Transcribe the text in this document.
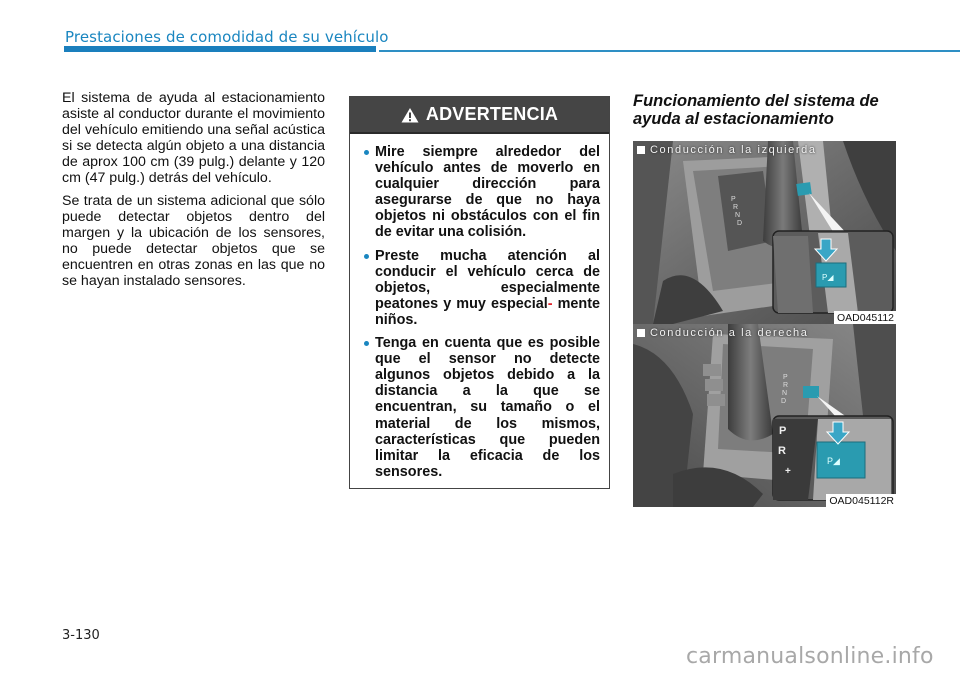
Prestaciones de comodidad de su vehículo

El sistema de ayuda al estacionamiento asiste al conductor durante el movimiento del vehículo emitiendo una señal acústica si se detecta algún objeto a una distancia de aprox 100 cm (39 pulg.) delante y 120 cm (47 pulg.) detrás del vehículo.

Se trata de un sistema adicional que sólo puede detectar objetos dentro del margen y la ubicación de los sensores, no puede detectar objetos que se encuentren en otras zonas en las que no se hayan instalado sensores.

ADVERTENCIA
Mire siempre alrededor del vehículo antes de moverlo en cualquier dirección para asegurarse de que no haya objetos ni obstáculos con el fin de evitar una colisión.
Preste mucha atención al conducir el vehículo cerca de objetos, especialmente peatones y muy especial- mente niños.
Tenga en cuenta que es posible que el sensor no detecte algunos objetos debido a la distancia a la que se encuentran, su tamaño o el material de los mismos, características que pueden limitar la eficacia de los sensores.
Funcionamiento del sistema de ayuda al estacionamiento
P
R
N
D
P◢
Conducción a la izquierda
OAD045112
P
R
N
D
P
R
+
P◢
Conducción a la derecha
OAD045112R
3-130
carmanualsonline.info
